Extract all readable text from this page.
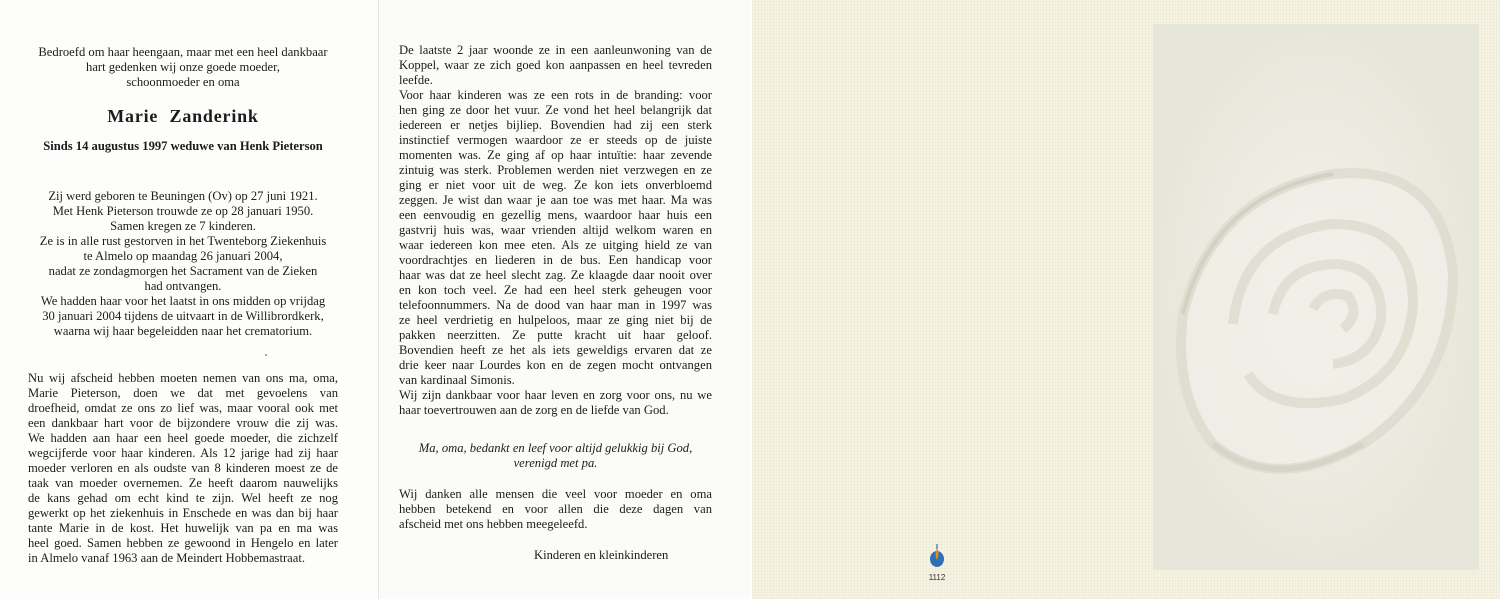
Bedroefd om haar heengaan, maar met een heel dankbaar
hart gedenken wij onze goede moeder,
schoonmoeder en oma
Marie Zanderink
Sinds 14 augustus 1997 weduwe van Henk Pieterson
Zij werd geboren te Beuningen (Ov) op 27 juni 1921.
Met Henk Pieterson trouwde ze op 28 januari 1950.
Samen kregen ze 7 kinderen.
Ze is in alle rust gestorven in het Twenteborg Ziekenhuis
te Almelo op maandag 26 januari 2004,
nadat ze zondagmorgen het Sacrament van de Zieken
had ontvangen.
We hadden haar voor het laatst in ons midden op vrijdag
30 januari 2004 tijdens de uitvaart in de Willibrordkerk,
waarna wij haar begeleidden naar het crematorium.
Nu wij afscheid hebben moeten nemen van ons ma, oma,
Marie Pieterson, doen we dat met gevoelens van
droefheid, omdat ze ons zo lief was, maar vooral ook met
een dankbaar hart voor de bijzondere vrouw die zij was.
We hadden aan haar een heel goede moeder, die zichzelf
wegcijferde voor haar kinderen. Als 12 jarige had zij haar
moeder verloren en als oudste van 8 kinderen moest ze de
taak van moeder overnemen. Ze heeft daarom nauwelijks
de kans gehad om echt kind te zijn. Wel heeft ze nog
gewerkt op het ziekenhuis in Enschede en was dan bij haar
tante Marie in de kost. Het huwelijk van pa en ma was
heel goed. Samen hebben ze gewoond in Hengelo en later
in Almelo vanaf 1963 aan de Meindert Hobbemastraat.
De laatste 2 jaar woonde ze in een aanleunwoning van de
Koppel, waar ze zich goed kon aanpassen en heel tevreden
leefde.
Voor haar kinderen was ze een rots in de branding: voor
hen ging ze door het vuur. Ze vond het heel belangrijk dat
iedereen er netjes bijliep. Bovendien had zij een sterk
instinctief vermogen waardoor ze er steeds op de juiste
momenten was. Ze ging af op haar intuïtie: haar zevende
zintuig was sterk. Problemen werden niet verzwegen en ze
ging er niet voor uit de weg. Ze kon iets onverbloemd
zeggen. Je wist dan waar je aan toe was met haar. Ma was
een eenvoudig en gezellig mens, waardoor haar huis een
gastvrij huis was, waar vrienden altijd welkom waren en
waar iedereen kon mee eten. Als ze uitging hield ze van
voordrachtjes en liederen in de bus. Een handicap voor
haar was dat ze heel slecht zag. Ze klaagde daar nooit over
en kon toch veel. Ze had een heel sterk geheugen voor
telefoonnummers. Na de dood van haar man in 1997 was
ze heel verdrietig en hulpeloos, maar ze ging niet bij de
pakken neerzitten. Ze putte kracht uit haar geloof.
Bovendien heeft ze het als iets geweldigs ervaren dat ze
drie keer naar Lourdes kon en de zegen mocht ontvangen
van kardinaal Simonis.
Wij zijn dankbaar voor haar leven en zorg voor ons, nu we
haar toevertrouwen aan de zorg en de liefde van God.
Ma, oma, bedankt en leef voor altijd gelukkig bij God,
verenigd met pa.
Wij danken alle mensen die veel voor moeder en oma
hebben betekend en voor allen die deze dagen van
afscheid met ons hebben meegeleefd.
Kinderen en kleinkinderen
1112
